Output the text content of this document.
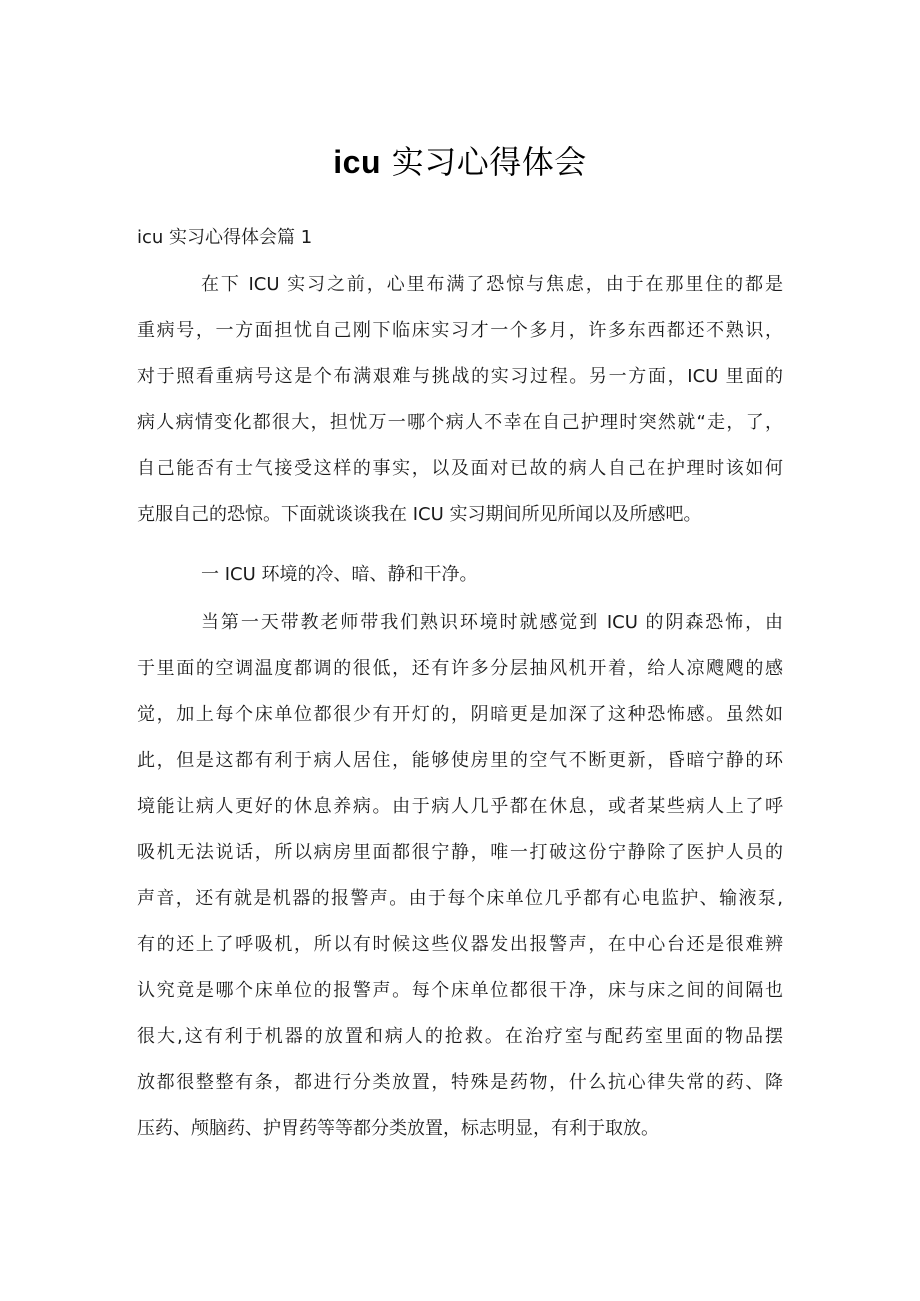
icu 实习心得体会
icu 实习心得体会篇 1
在下 ICU 实习之前，心里布满了恐惊与焦虑，由于在那里住的都是
重病号，一方面担忧自己刚下临床实习才一个多月，许多东西都还不熟识，
对于照看重病号这是个布满艰难与挑战的实习过程。另一方面，ICU 里面的
病人病情变化都很大，担忧万一哪个病人不幸在自己护理时突然就“走，了，
自己能否有士气接受这样的事实，以及面对已故的病人自己在护理时该如何
克服自己的恐惊。下面就谈谈我在 ICU 实习期间所见所闻以及所感吧。
一 ICU 环境的冷、暗、静和干净。
当第一天带教老师带我们熟识环境时就感觉到 ICU 的阴森恐怖，由
于里面的空调温度都调的很低，还有许多分层抽风机开着，给人凉飕飕的感
觉，加上每个床单位都很少有开灯的，阴暗更是加深了这种恐怖感。虽然如
此，但是这都有利于病人居住，能够使房里的空气不断更新，昏暗宁静的环
境能让病人更好的休息养病。由于病人几乎都在休息，或者某些病人上了呼
吸机无法说话，所以病房里面都很宁静，唯一打破这份宁静除了医护人员的
声音，还有就是机器的报警声。由于每个床单位几乎都有心电监护、输液泵,
有的还上了呼吸机，所以有时候这些仪器发出报警声，在中心台还是很难辨
认究竟是哪个床单位的报警声。每个床单位都很干净，床与床之间的间隔也
很大,这有利于机器的放置和病人的抢救。在治疗室与配药室里面的物品摆
放都很整整有条，都进行分类放置，特殊是药物，什么抗心律失常的药、降
压药、颅脑药、护胃药等等都分类放置，标志明显，有利于取放。
